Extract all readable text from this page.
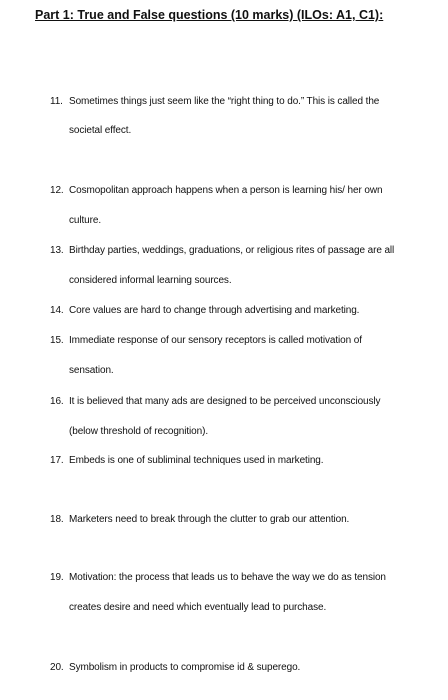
Part 1: True and False questions (10 marks) (ILOs: A1, C1):
11. Sometimes things just seem like the “right thing to do.” This is called the
societal effect.
12. Cosmopolitan approach happens when a person is learning his/ her own
culture.
13. Birthday parties, weddings, graduations, or religious rites of passage are all
considered informal learning sources.
14. Core values are hard to change through advertising and marketing.
15. Immediate response of our sensory receptors is called motivation of
sensation.
16. It is believed that many ads are designed to be perceived unconsciously
(below threshold of recognition).
17. Embeds is one of subliminal techniques used in marketing.
18. Marketers need to break through the clutter to grab our attention.
19. Motivation: the process that leads us to behave the way we do as tension
creates desire and need which eventually lead to purchase.
20. Symbolism in products to compromise id & superego.
